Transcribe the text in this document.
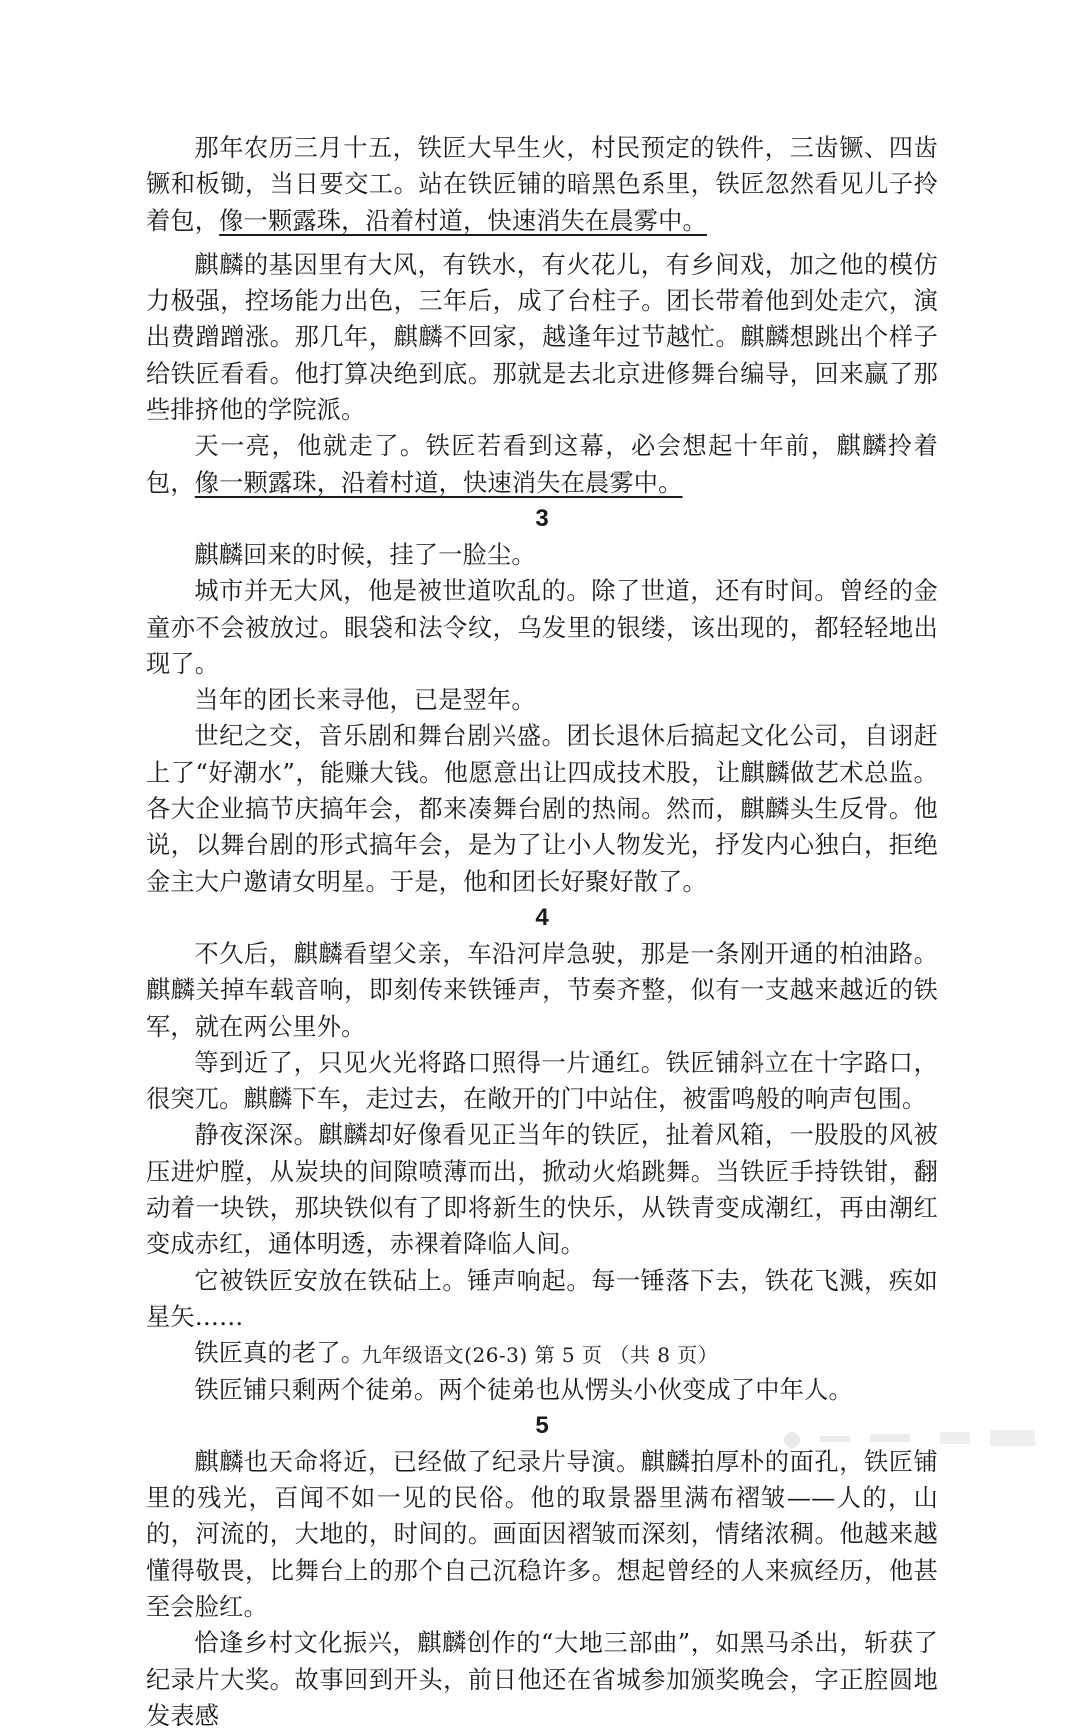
那年农历三月十五，铁匠大早生火，村民预定的铁件，三齿镢、四齿镢和板锄，当日要交工。站在铁匠铺的暗黑色系里，铁匠忽然看见儿子拎着包，像一颗露珠，沿着村道，快速消失在晨雾中。

麒麟的基因里有大风，有铁水，有火花儿，有乡间戏，加之他的模仿力极强，控场能力出色，三年后，成了台柱子。团长带着他到处走穴，演出费蹭蹭涨。那几年，麒麟不回家，越逢年过节越忙。麒麟想跳出个样子给铁匠看看。他打算决绝到底。那就是去北京进修舞台编导，回来赢了那些排挤他的学院派。

天一亮，他就走了。铁匠若看到这幕，必会想起十年前，麒麟拎着包，像一颗露珠，沿着村道，快速消失在晨雾中。

3

麒麟回来的时候，挂了一脸尘。

城市并无大风，他是被世道吹乱的。除了世道，还有时间。曾经的金童亦不会被放过。眼袋和法令纹，乌发里的银缕，该出现的，都轻轻地出现了。

当年的团长来寻他，已是翌年。

世纪之交，音乐剧和舞台剧兴盛。团长退休后搞起文化公司，自诩赶上了“好潮水”，能赚大钱。他愿意出让四成技术股，让麒麟做艺术总监。各大企业搞节庆搞年会，都来凑舞台剧的热闹。然而，麒麟头生反骨。他说，以舞台剧的形式搞年会，是为了让小人物发光，抒发内心独白，拒绝金主大户邀请女明星。于是，他和团长好聚好散了。

4

不久后，麒麟看望父亲，车沿河岸急驶，那是一条刚开通的柏油路。麒麟关掉车载音响，即刻传来铁锤声，节奏齐整，似有一支越来越近的铁军，就在两公里外。

等到近了，只见火光将路口照得一片通红。铁匠铺斜立在十字路口，很突兀。麒麟下车，走过去，在敞开的门中站住，被雷鸣般的响声包围。

静夜深深。麒麟却好像看见正当年的铁匠，扯着风箱，一股股的风被压进炉膛，从炭块的间隙喷薄而出，掀动火焰跳舞。当铁匠手持铁钳，翻动着一块铁，那块铁似有了即将新生的快乐，从铁青变成潮红，再由潮红变成赤红，通体明透，赤裸着降临人间。

它被铁匠安放在铁砧上。锤声响起。每一锤落下去，铁花飞溅，疾如星矢……

铁匠真的老了。

铁匠铺只剩两个徒弟。两个徒弟也从愣头小伙变成了中年人。

5

麒麟也天命将近，已经做了纪录片导演。麒麟拍厚朴的面孔，铁匠铺里的残光，百闻不如一见的民俗。他的取景器里满布褶皱——人的，山的，河流的，大地的，时间的。画面因褶皱而深刻，情绪浓稠。他越来越懂得敬畏，比舞台上的那个自己沉稳许多。想起曾经的人来疯经历，他甚至会脸红。

恰逢乡村文化振兴，麒麟创作的“大地三部曲”，如黑马杀出，斩获了纪录片大奖。故事回到开头，前日他还在省城参加颁奖晚会，字正腔圆地发表感

九年级语文(26-3) 第 5 页 （共 8 页）
